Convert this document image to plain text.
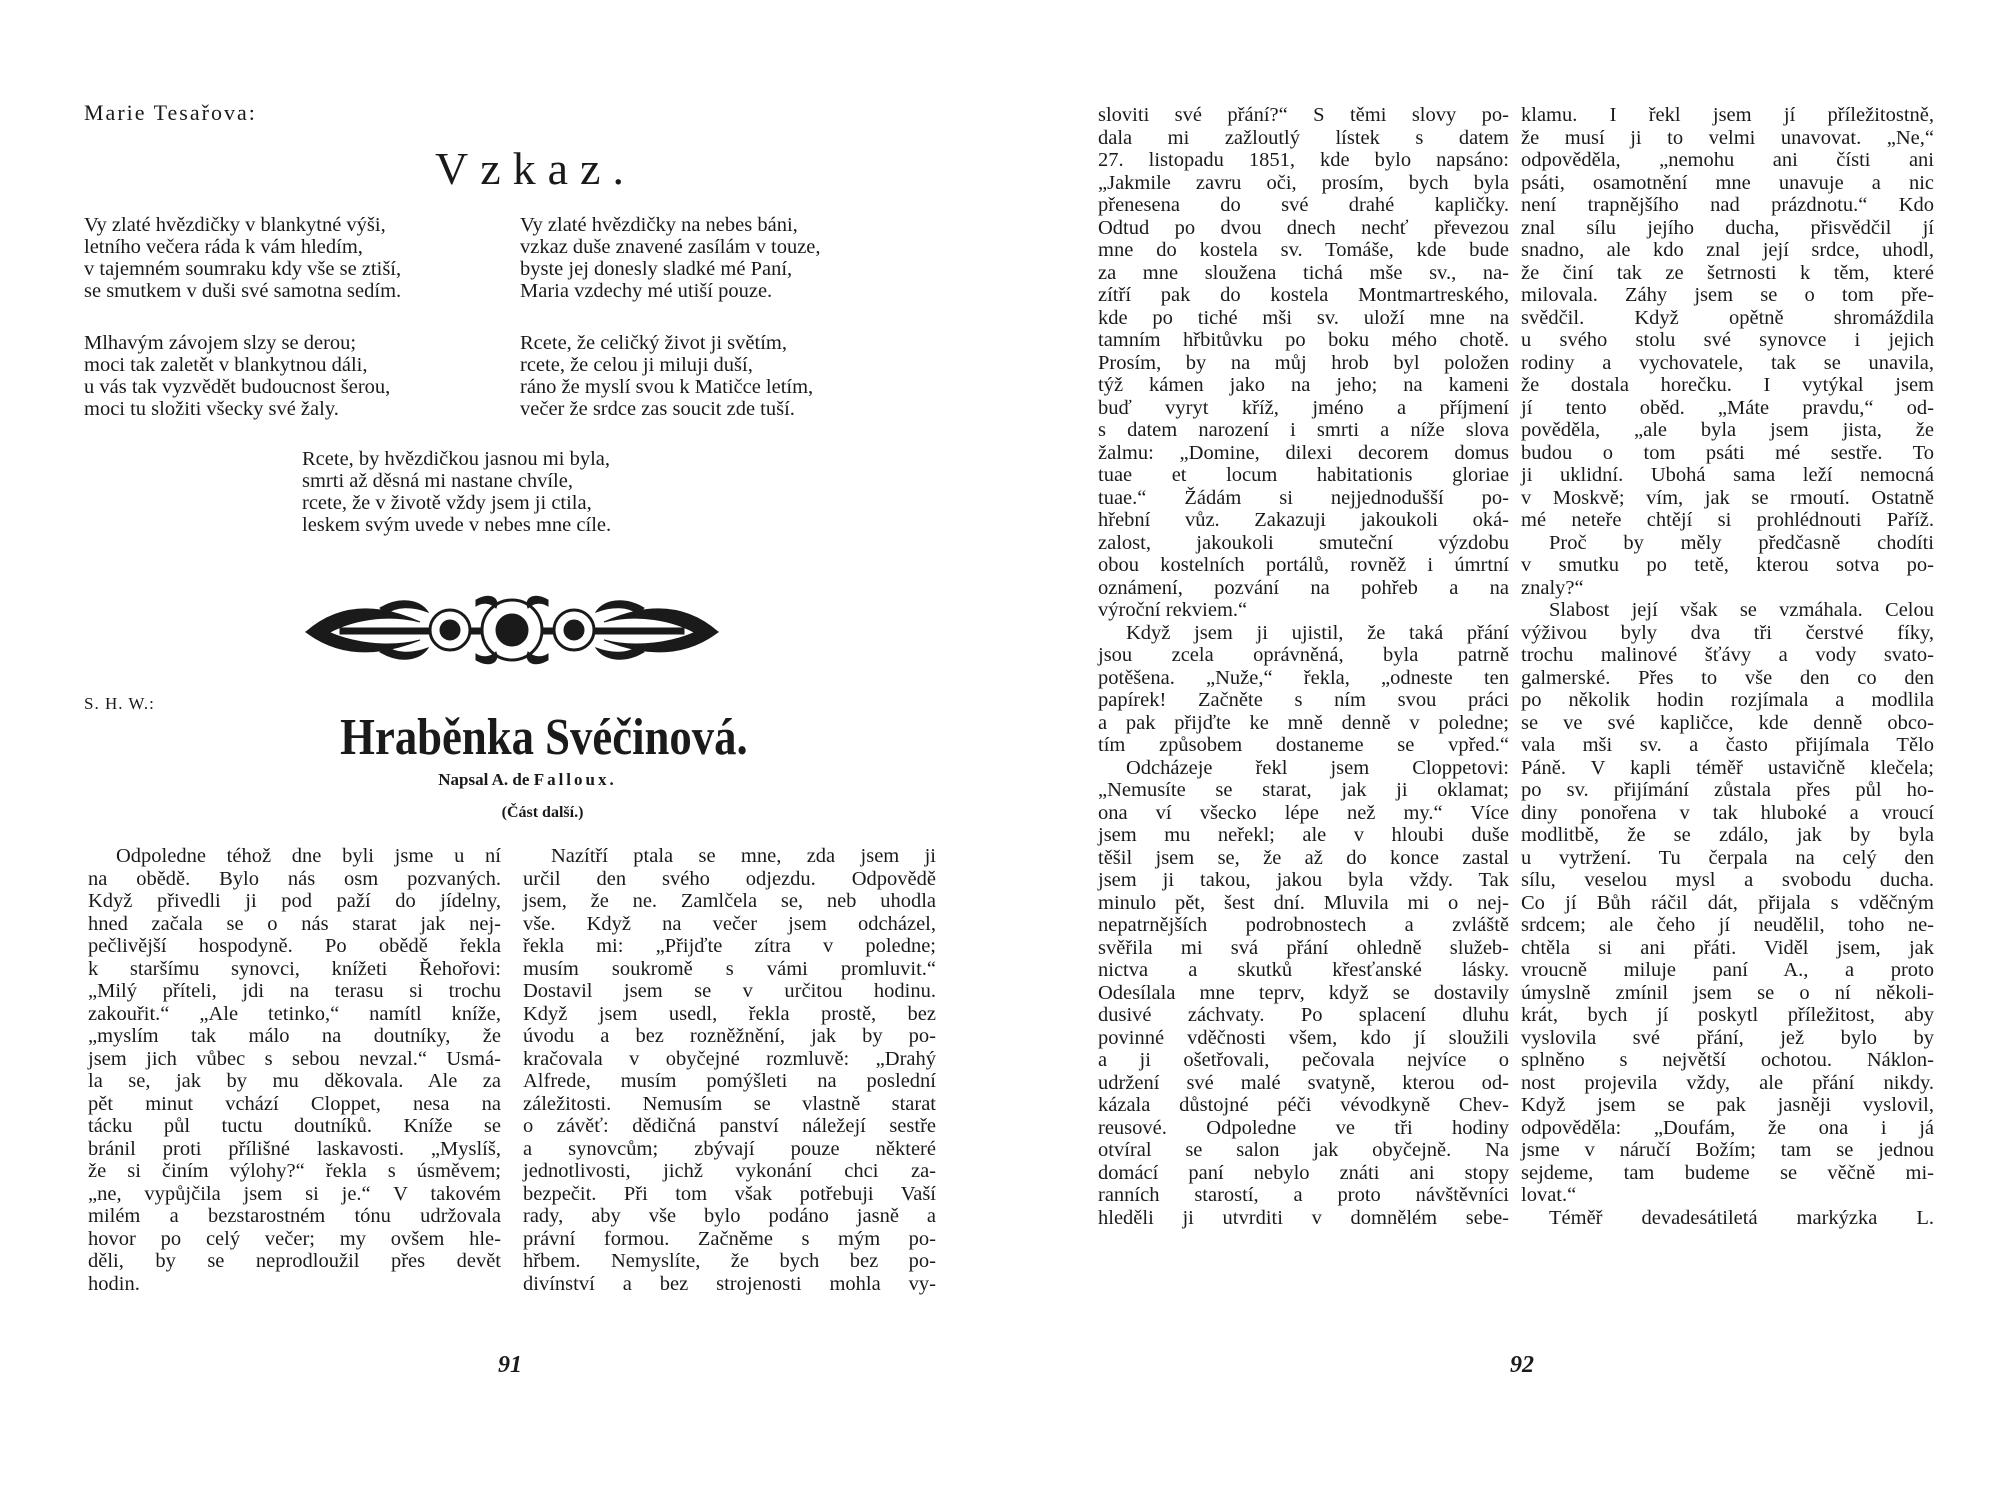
Marie Tesařova:
Vzkaz.
Vy zlaté hvězdičky v blankytné výši,
letního večera ráda k vám hledím,
v tajemném soumraku kdy vše se ztiší,
se smutkem v duši své samotna sedím.
Vy zlaté hvězdičky na nebes báni,
vzkaz duše znavené zasílám v touze,
byste jej donesly sladké mé Paní,
Maria vzdechy mé utiší pouze.
Mlhavým závojem slzy se derou;
moci tak zaletět v blankytnou dáli,
u vás tak vyzvědět budoucnost šerou,
moci tu složiti všecky své žaly.
Rcete, že celičký život ji světím,
rcete, že celou ji miluji duší,
ráno že myslí svou k Matičce letím,
večer že srdce zas soucit zde tuší.
Rcete, by hvězdičkou jasnou mi byla,
smrti až děsná mi nastane chvíle,
rcete, že v životě vždy jsem ji ctila,
leskem svým uvede v nebes mne cíle.
S. H. W.:
Hraběnka Svéčinová.
Napsal A. de Falloux.
(Část další.)
Odpoledne téhož dne byli jsme u ní
na obědě. Bylo nás osm pozvaných.
Když přivedli ji pod paží do jídelny,
hned začala se o nás starat jak nej-
pečlivější hospodyně. Po obědě řekla
k staršímu synovci, knížeti Řehořovi:
„Milý příteli, jdi na terasu si trochu
zakouřit.“ „Ale tetinko,“ namítl kníže,
„myslím tak málo na doutníky, že
jsem jich vůbec s sebou nevzal.“ Usmá-
la se, jak by mu děkovala. Ale za
pět minut vchází Cloppet, nesa na
tácku půl tuctu doutníků. Kníže se
bránil proti přílišné laskavosti. „Myslíš,
že si činím výlohy?“ řekla s úsměvem;
„ne, vypůjčila jsem si je.“ V takovém
milém a bezstarostném tónu udržovala
hovor po celý večer; my ovšem hle-
děli, by se neprodloužil přes devět
hodin.
Nazítří ptala se mne, zda jsem ji
určil den svého odjezdu. Odpovědě
jsem, že ne. Zamlčela se, neb uhodla
vše. Když na večer jsem odcházel,
řekla mi: „Přijďte zítra v poledne;
musím soukromě s vámi promluvit.“
Dostavil jsem se v určitou hodinu.
Když jsem usedl, řekla prostě, bez
úvodu a bez rozněžnění, jak by po-
kračovala v obyčejné rozmluvě: „Drahý
Alfrede, musím pomýšleti na poslední
záležitosti. Nemusím se vlastně starat
o závěť: dědičná panství náležejí sestře
a synovcům; zbývají pouze některé
jednotlivosti, jichž vykonání chci za-
bezpečit. Při tom však potřebuji Vaší
rady, aby vše bylo podáno jasně a
právní formou. Začněme s mým po-
hřbem. Nemyslíte, že bych bez po-
divínství a bez strojenosti mohla vy-
91
sloviti své přání?“ S těmi slovy po-
dala mi zažloutlý lístek s datem
27. listopadu 1851, kde bylo napsáno:
„Jakmile zavru oči, prosím, bych byla
přenesena do své drahé kapličky.
Odtud po dvou dnech nechť převezou
mne do kostela sv. Tomáše, kde bude
za mne sloužena tichá mše sv., na-
zítří pak do kostela Montmartreského,
kde po tiché mši sv. uloží mne na
tamním hřbitůvku po boku mého chotě.
Prosím, by na můj hrob byl položen
týž kámen jako na jeho; na kameni
buď vyryt kříž, jméno a příjmení
s datem narození i smrti a níže slova
žalmu: „Domine, dilexi decorem domus
tuae et locum habitationis gloriae
tuae.“ Žádám si nejjednodušší po-
hřební vůz. Zakazuji jakoukoli oká-
zalost, jakoukoli smuteční výzdobu
obou kostelních portálů, rovněž i úmrtní
oznámení, pozvání na pohřeb a na
výroční rekviem.“
Když jsem ji ujistil, že taká přání
jsou zcela oprávněná, byla patrně
potěšena. „Nuže,“ řekla, „odneste ten
papírek! Začněte s ním svou práci
a pak přijďte ke mně denně v poledne;
tím způsobem dostaneme se vpřed.“
Odcházeje řekl jsem Cloppetovi:
„Nemusíte se starat, jak ji oklamat;
ona ví všecko lépe než my.“ Více
jsem mu neřekl; ale v hloubi duše
těšil jsem se, že až do konce zastal
jsem ji takou, jakou byla vždy. Tak
minulo pět, šest dní. Mluvila mi o nej-
nepatrnějších podrobnostech a zvláště
svěřila mi svá přání ohledně služeb-
nictva a skutků křesťanské lásky.
Odesílala mne teprv, když se dostavily
dusivé záchvaty. Po splacení dluhu
povinné vděčnosti všem, kdo jí sloužili
a ji ošetřovali, pečovala nejvíce o
udržení své malé svatyně, kterou od-
kázala důstojné péči vévodkyně Chev-
reusové. Odpoledne ve tři hodiny
otvíral se salon jak obyčejně. Na
domácí paní nebylo znáti ani stopy
ranních starostí, a proto návštěvníci
hleděli ji utvrditi v domnělém sebe-
klamu. I řekl jsem jí příležitostně,
že musí ji to velmi unavovat. „Ne,“
odpověděla, „nemohu ani čísti ani
psáti, osamotnění mne unavuje a nic
není trapnějšího nad prázdnotu.“ Kdo
znal sílu jejího ducha, přisvědčil jí
snadno, ale kdo znal její srdce, uhodl,
že činí tak ze šetrnosti k těm, které
milovala. Záhy jsem se o tom pře-
svědčil. Když opětně shromáždila
u svého stolu své synovce i jejich
rodiny a vychovatele, tak se unavila,
že dostala horečku. I vytýkal jsem
jí tento oběd. „Máte pravdu,“ od-
pověděla, „ale byla jsem jista, že
budou o tom psáti mé sestře. To
ji uklidní. Ubohá sama leží nemocná
v Moskvě; vím, jak se rmoutí. Ostatně
mé neteře chtějí si prohlédnouti Paříž.
Proč by měly předčasně chodíti
v smutku po tetě, kterou sotva po-
znaly?“
Slabost její však se vzmáhala. Celou
výživou byly dva tři čerstvé fíky,
trochu malinové šťávy a vody svato-
galmerské. Přes to vše den co den
po několik hodin rozjímala a modlila
se ve své kapličce, kde denně obco-
vala mši sv. a často přijímala Tělo
Páně. V kapli téměř ustavičně klečela;
po sv. přijímání zůstala přes půl ho-
diny ponořena v tak hluboké a vroucí
modlitbě, že se zdálo, jak by byla
u vytržení. Tu čerpala na celý den
sílu, veselou mysl a svobodu ducha.
Co jí Bůh ráčil dát, přijala s vděčným
srdcem; ale čeho jí neudělil, toho ne-
chtěla si ani přáti. Viděl jsem, jak
vroucně miluje paní A., a proto
úmyslně zmínil jsem se o ní několi-
krát, bych jí poskytl příležitost, aby
vyslovila své přání, jež bylo by
splněno s největší ochotou. Náklon-
nost projevila vždy, ale přání nikdy.
Když jsem se pak jasněji vyslovil,
odpověděla: „Doufám, že ona i já
jsme v náručí Božím; tam se jednou
sejdeme, tam budeme se věčně mi-
lovat.“
Téměř devadesátiletá markýzka L.
92
